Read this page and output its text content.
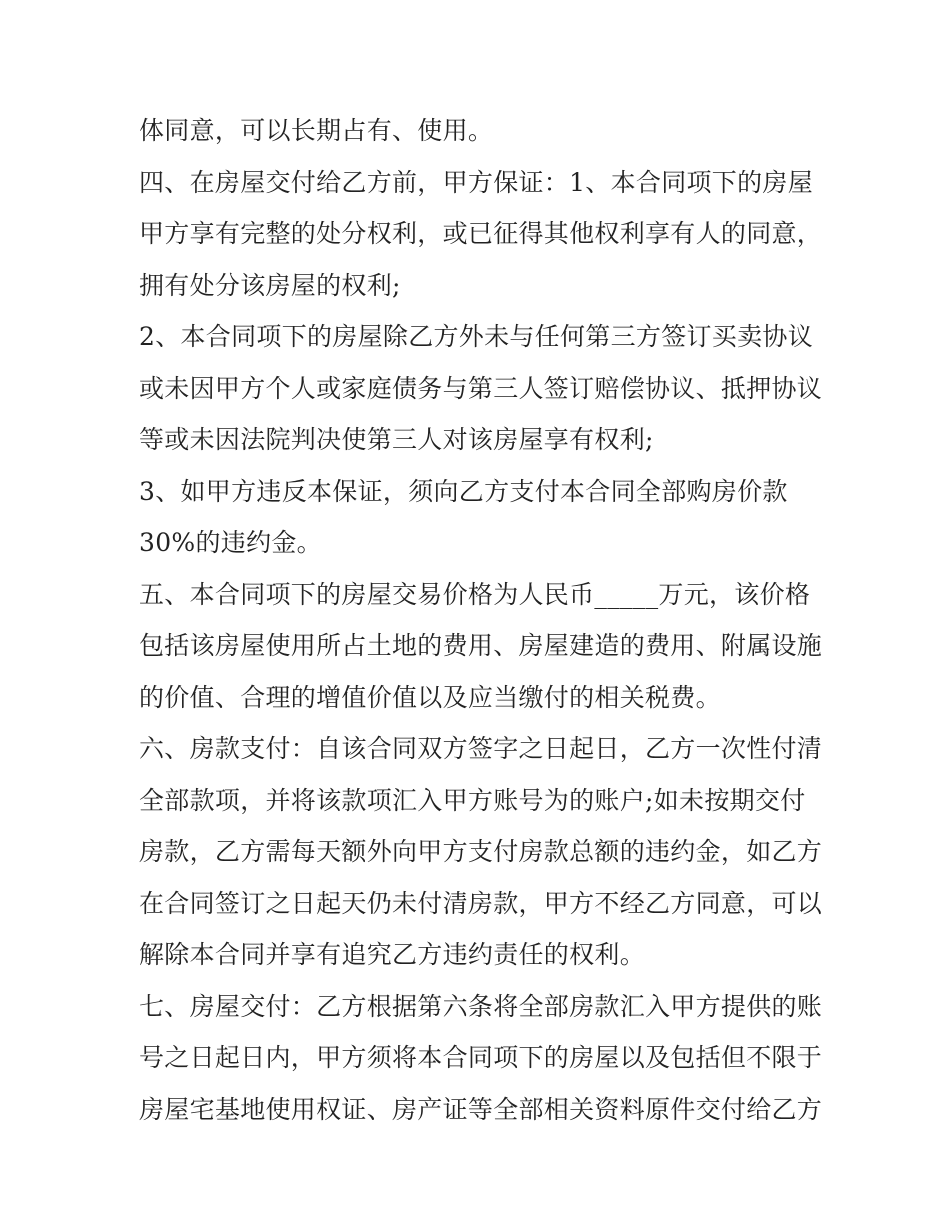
体同意，可以长期占有、使用。
四、在房屋交付给乙方前，甲方保证：1、本合同项下的房屋
甲方享有完整的处分权利，或已征得其他权利享有人的同意，
拥有处分该房屋的权利;
2、本合同项下的房屋除乙方外未与任何第三方签订买卖协议
或未因甲方个人或家庭债务与第三人签订赔偿协议、抵押协议
等或未因法院判决使第三人对该房屋享有权利;
3、如甲方违反本保证，须向乙方支付本合同全部购房价款
30%的违约金。
五、本合同项下的房屋交易价格为人民币_____万元，该价格
包括该房屋使用所占土地的费用、房屋建造的费用、附属设施
的价值、合理的增值价值以及应当缴付的相关税费。
六、房款支付：自该合同双方签字之日起日，乙方一次性付清
全部款项，并将该款项汇入甲方账号为的账户;如未按期交付
房款，乙方需每天额外向甲方支付房款总额的违约金，如乙方
在合同签订之日起天仍未付清房款，甲方不经乙方同意，可以
解除本合同并享有追究乙方违约责任的权利。
七、房屋交付：乙方根据第六条将全部房款汇入甲方提供的账
号之日起日内，甲方须将本合同项下的房屋以及包括但不限于
房屋宅基地使用权证、房产证等全部相关资料原件交付给乙方
